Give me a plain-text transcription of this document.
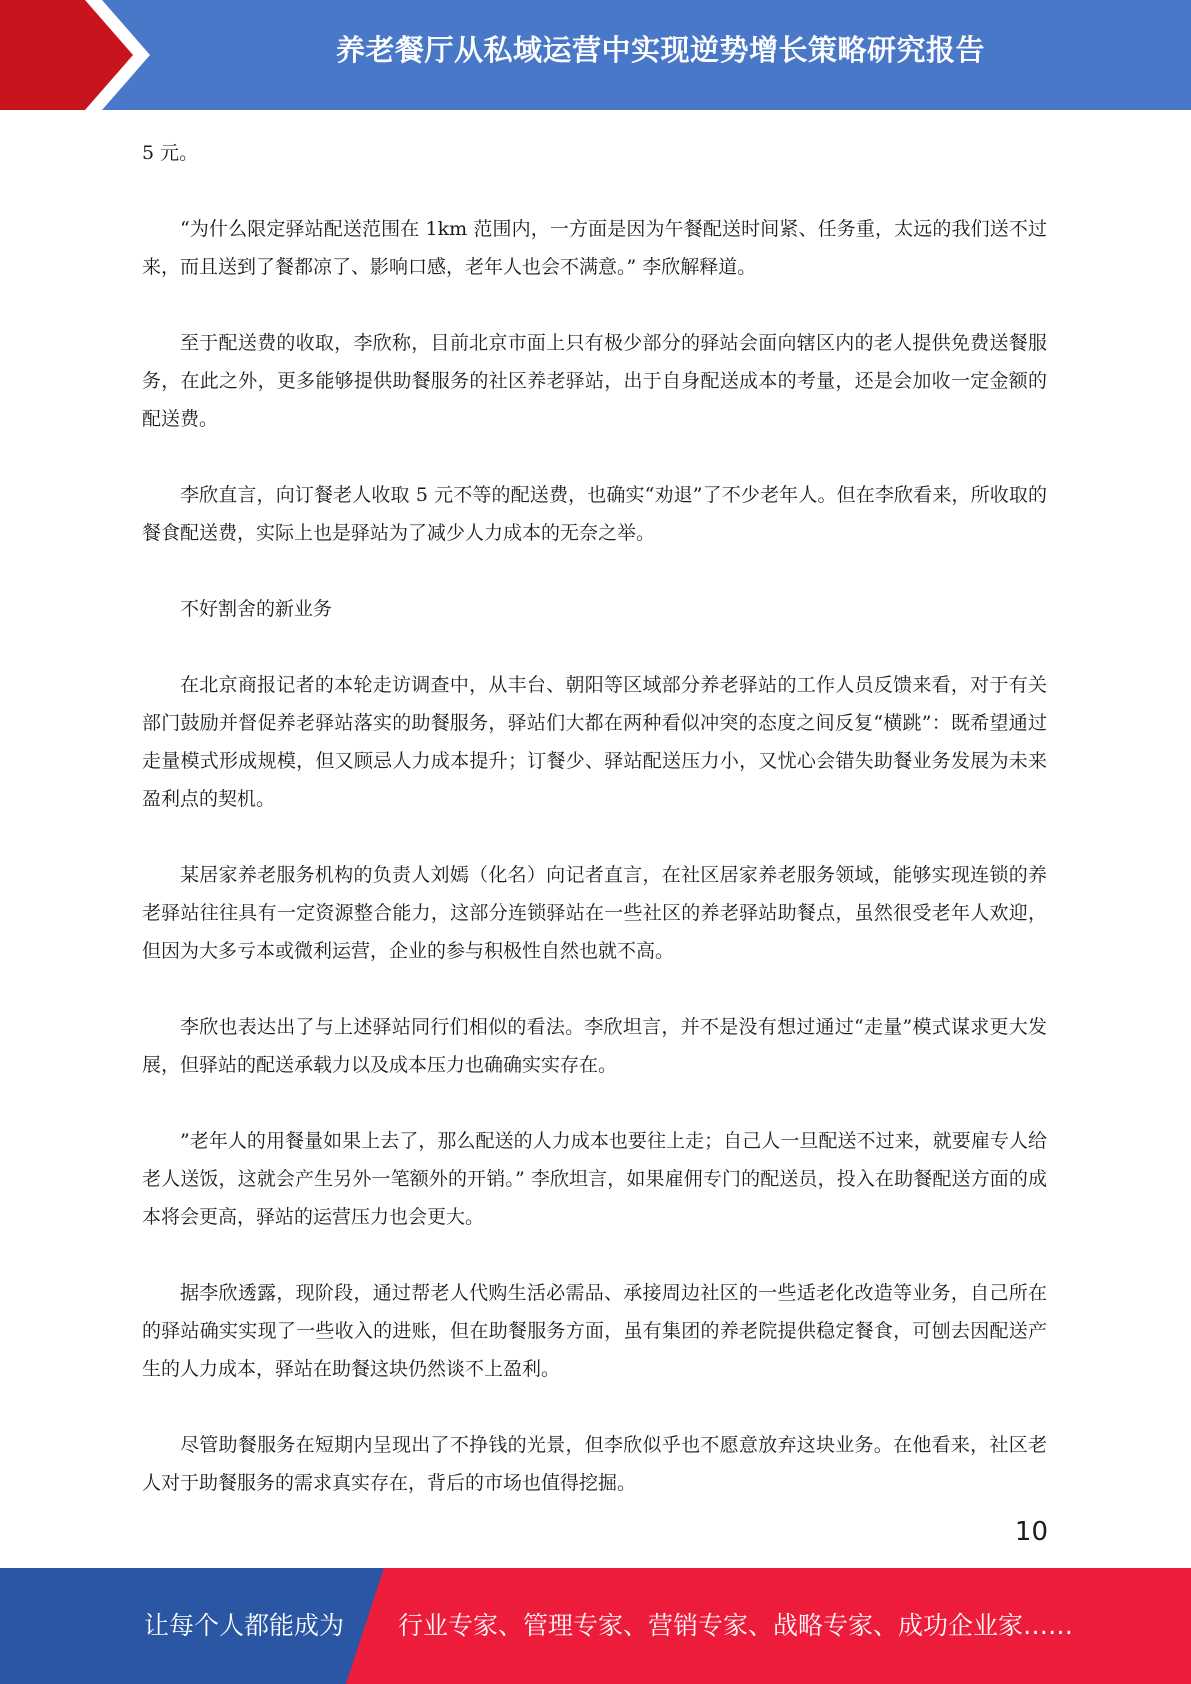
养老餐厅从私域运营中实现逆势增长策略研究报告

5 元。

“为什么限定驿站配送范围在 1km 范围内，一方面是因为午餐配送时间紧、任务重，太远的我们送不过来，而且送到了餐都凉了、影响口感，老年人也会不满意。” 李欣解释道。

至于配送费的收取，李欣称，目前北京市面上只有极少部分的驿站会面向辖区内的老人提供免费送餐服务，在此之外，更多能够提供助餐服务的社区养老驿站，出于自身配送成本的考量，还是会加收一定金额的配送费。

李欣直言，向订餐老人收取 5 元不等的配送费，也确实“劝退”了不少老年人。但在李欣看来，所收取的餐食配送费，实际上也是驿站为了减少人力成本的无奈之举。

不好割舍的新业务

在北京商报记者的本轮走访调查中，从丰台、朝阳等区域部分养老驿站的工作人员反馈来看，对于有关部门鼓励并督促养老驿站落实的助餐服务，驿站们大都在两种看似冲突的态度之间反复“横跳”：既希望通过走量模式形成规模，但又顾忌人力成本提升；订餐少、驿站配送压力小，又忧心会错失助餐业务发展为未来盈利点的契机。

某居家养老服务机构的负责人刘嫣（化名）向记者直言，在社区居家养老服务领域，能够实现连锁的养老驿站往往具有一定资源整合能力，这部分连锁驿站在一些社区的养老驿站助餐点，虽然很受老年人欢迎，但因为大多亏本或微利运营，企业的参与积极性自然也就不高。

李欣也表达出了与上述驿站同行们相似的看法。李欣坦言，并不是没有想过通过“走量”模式谋求更大发展，但驿站的配送承载力以及成本压力也确确实实存在。

”老年人的用餐量如果上去了，那么配送的人力成本也要往上走；自己人一旦配送不过来，就要雇专人给老人送饭，这就会产生另外一笔额外的开销。” 李欣坦言，如果雇佣专门的配送员，投入在助餐配送方面的成本将会更高，驿站的运营压力也会更大。

据李欣透露，现阶段，通过帮老人代购生活必需品、承接周边社区的一些适老化改造等业务，自己所在的驿站确实实现了一些收入的进账，但在助餐服务方面，虽有集团的养老院提供稳定餐食，可刨去因配送产生的人力成本，驿站在助餐这块仍然谈不上盈利。

尽管助餐服务在短期内呈现出了不挣钱的光景，但李欣似乎也不愿意放弃这块业务。在他看来，社区老人对于助餐服务的需求真实存在，背后的市场也值得挖掘。

10
让每个人都能成为 行业专家、管理专家、营销专家、战略专家、成功企业家……
